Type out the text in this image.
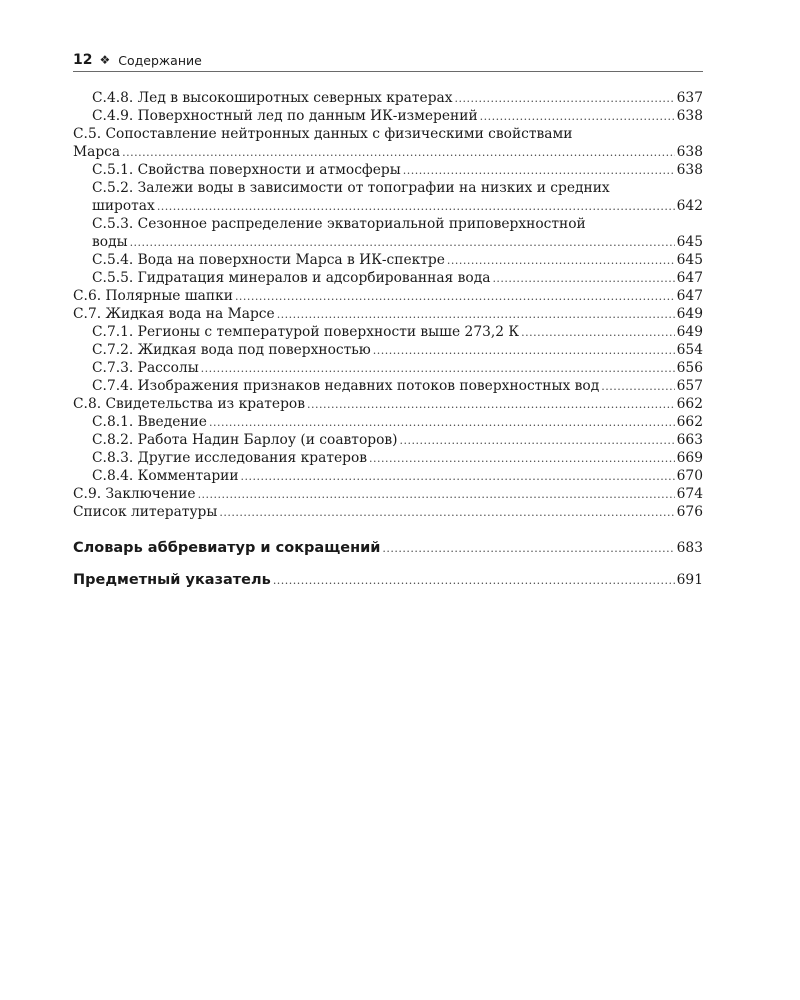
12 ❖ Содержание
С.4.8. Лед в высокоширотных северных кратерах .....	637
С.4.9. Поверхностный лед по данным ИК-измерений .....	638
С.5. Сопоставление нейтронных данных с физическими свойствами
Марса .....	638
С.5.1. Свойства поверхности и атмосферы .....	638
С.5.2. Залежи воды в зависимости от топографии на низких и средних
широтах .....	642
С.5.3. Сезонное распределение экваториальной приповерхностной
воды .....	645
С.5.4. Вода на поверхности Марса в ИК-спектре .....	645
С.5.5. Гидратация минералов и адсорбированная вода .....	647
С.6. Полярные шапки .....	647
С.7. Жидкая вода на Марсе .....	649
С.7.1. Регионы с температурой поверхности выше 273,2 К .....	649
С.7.2. Жидкая вода под поверхностью .....	654
С.7.3. Рассолы .....	656
С.7.4. Изображения признаков недавних потоков поверхностных вод .....	657
С.8. Свидетельства из кратеров .....	662
С.8.1. Введение .....	662
С.8.2. Работа Надин Барлоу (и соавторов) .....	663
С.8.3. Другие исследования кратеров .....	669
С.8.4. Комментарии .....	670
С.9. Заключение .....	674
Список литературы .....	676
Словарь аббревиатур и сокращений .....	683
Предметный указатель .....	691
